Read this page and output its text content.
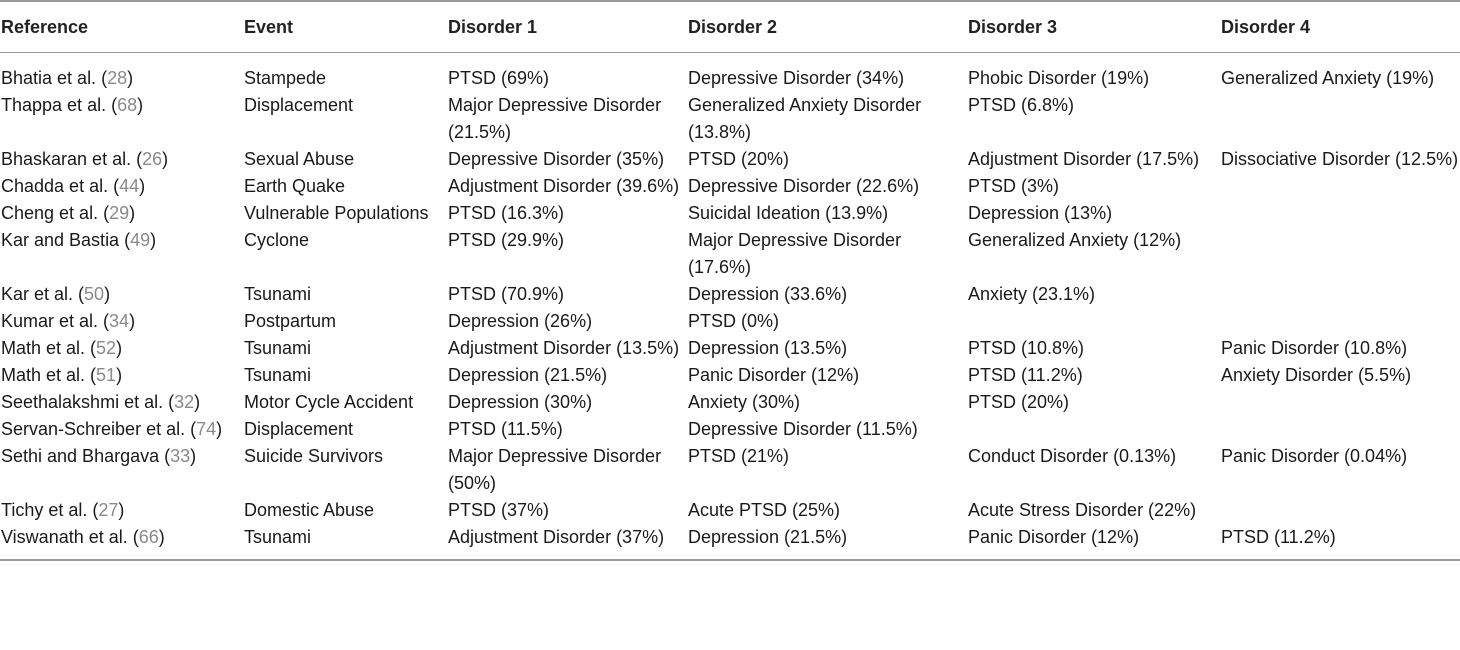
Reference	Event	Disorder 1	Disorder 2	Disorder 3	Disorder 4
Bhatia et al. (28)	Stampede	PTSD (69%)	Depressive Disorder (34%)	Phobic Disorder (19%)	Generalized Anxiety (19%)
Thappa et al. (68)	Displacement	Major Depressive Disorder (21.5%)	Generalized Anxiety Disorder (13.8%)	PTSD (6.8%)	
Bhaskaran et al. (26)	Sexual Abuse	Depressive Disorder (35%)	PTSD (20%)	Adjustment Disorder (17.5%)	Dissociative Disorder (12.5%)
Chadda et al. (44)	Earth Quake	Adjustment Disorder (39.6%)	Depressive Disorder (22.6%)	PTSD (3%)	
Cheng et al. (29)	Vulnerable Populations	PTSD (16.3%)	Suicidal Ideation (13.9%)	Depression (13%)	
Kar and Bastia (49)	Cyclone	PTSD (29.9%)	Major Depressive Disorder (17.6%)	Generalized Anxiety (12%)	
Kar et al. (50)	Tsunami	PTSD (70.9%)	Depression (33.6%)	Anxiety (23.1%)	
Kumar et al. (34)	Postpartum	Depression (26%)	PTSD (0%)		
Math et al. (52)	Tsunami	Adjustment Disorder (13.5%)	Depression (13.5%)	PTSD (10.8%)	Panic Disorder (10.8%)
Math et al. (51)	Tsunami	Depression (21.5%)	Panic Disorder (12%)	PTSD (11.2%)	Anxiety Disorder (5.5%)
Seethalakshmi et al. (32)	Motor Cycle Accident	Depression (30%)	Anxiety (30%)	PTSD (20%)	
Servan-Schreiber et al. (74)	Displacement	PTSD (11.5%)	Depressive Disorder (11.5%)		
Sethi and Bhargava (33)	Suicide Survivors	Major Depressive Disorder (50%)	PTSD (21%)	Conduct Disorder (0.13%)	Panic Disorder (0.04%)
Tichy et al. (27)	Domestic Abuse	PTSD (37%)	Acute PTSD (25%)	Acute Stress Disorder (22%)	
Viswanath et al. (66)	Tsunami	Adjustment Disorder (37%)	Depression (21.5%)	Panic Disorder (12%)	PTSD (11.2%)
